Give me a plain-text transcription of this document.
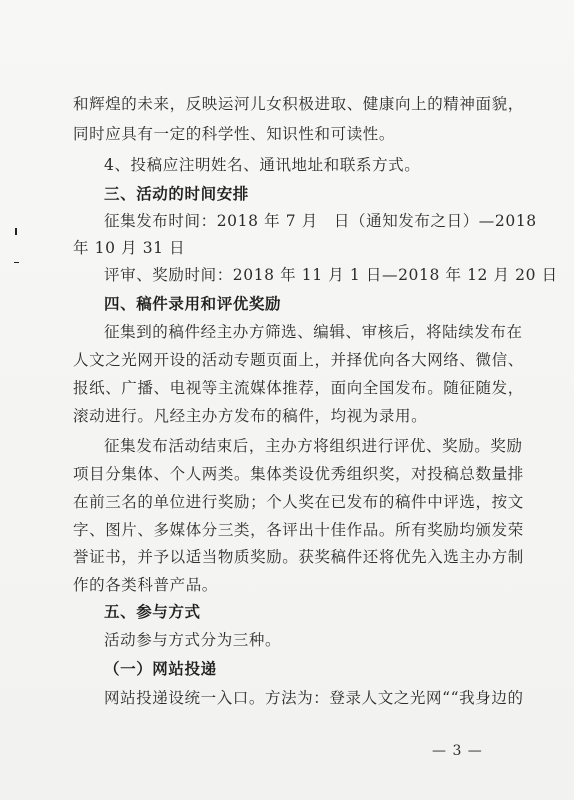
和辉煌的未来，反映运河儿女积极进取、健康向上的精神面貌，
同时应具有一定的科学性、知识性和可读性。
4、投稿应注明姓名、通讯地址和联系方式。
三、活动的时间安排
征集发布时间：2018 年 7 月　日（通知发布之日）—2018
年 10 月 31 日
评审、奖励时间：2018 年 11 月 1 日—2018 年 12 月 20 日
四、稿件录用和评优奖励
征集到的稿件经主办方筛选、编辑、审核后，将陆续发布在
人文之光网开设的活动专题页面上，并择优向各大网络、微信、
报纸、广播、电视等主流媒体推荐，面向全国发布。随征随发，
滚动进行。凡经主办方发布的稿件，均视为录用。
征集发布活动结束后，主办方将组织进行评优、奖励。奖励
项目分集体、个人两类。集体类设优秀组织奖，对投稿总数量排
在前三名的单位进行奖励；个人奖在已发布的稿件中评选，按文
字、图片、多媒体分三类，各评出十佳作品。所有奖励均颁发荣
誉证书，并予以适当物质奖励。获奖稿件还将优先入选主办方制
作的各类科普产品。
五、参与方式
活动参与方式分为三种。
（一）网站投递
网站投递设统一入口。方法为：登录人文之光网““我身边的
— 3 —
